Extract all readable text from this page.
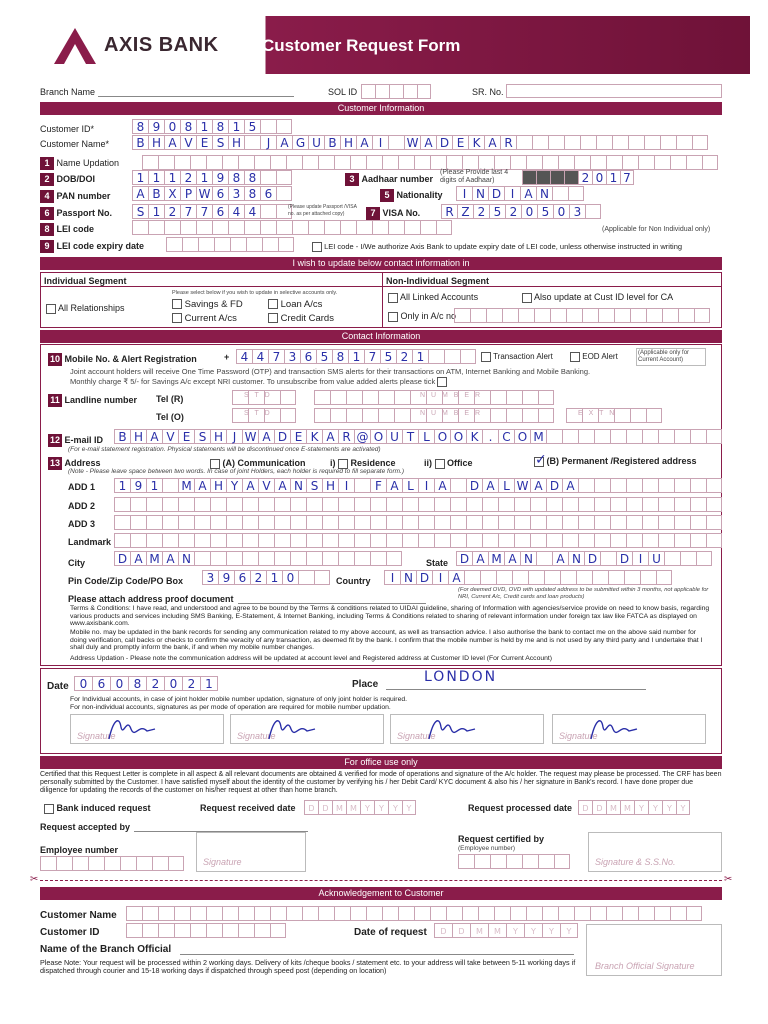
AXIS BANK	Customer Request Form
Branch Name	SOL ID	SR. No.
Customer Information
Customer ID*	8 9 0 8 1 8 1 5
Customer Name*	B H A V E S H	J A G U B H A I	W A D E K A R
1 Name Updation
2 DOB/DOI	1 1 1 2 1 9 8 8	3 Aadhaar number
(Please Provide last 4 digits of Aadhaar)	2 0 1 7
4 PAN number	A B X P W 6 3 8 6	5 Nationality	I N D I A N
6 Passport No.	S 1 2 7 7 6 4 4	(Please update Passport /VISA no. as per attached copy)	7 VISA No.	R Z 2 5 2 0 5 0 3
8 LEI code	(Applicable for Non Individual only)
9 LEI code expiry date	LEI code - I/We authorize Axis Bank to update expiry date of LEI code, unless otherwise instructed in writing
I wish to update below contact information in
Individual Segment
All Relationships
Please select below if you wish to update in selective accounts only.
Savings & FD	Loan A/cs
Current A/cs	Credit Cards
Non-Individual Segment
All Linked Accounts	Also update at Cust ID level for CA
Only in A/c no
Contact Information
10 Mobile No. & Alert Registration	+ 4 4 7 3 6 5 8 1 7 5 2 1	Transaction Alert	EOD Alert	(Applicable only for Current Account)
Joint account holders will receive One Time Password (OTP) and transaction SMS alerts for their transactions on ATM, Internet Banking and Mobile Banking.
Monthly charge ₹ 5/- for Savings A/c except NRI customer. To unsubscribe from value added alerts please tick
11 Landline number Tel (R)	S T D	N U M B E R
Tel (O)	S T D	N U M B E R	E X T N
12 E-mail ID	B H A V E S H J W A D E K A R @ O U T L O O K . C O M
(For e-mail statement registration. Physical statements will be discontinued once E-statements are activated)
13 Address	(A) Communication	i) Residence	ii) Office	✓ (B) Permanent /Registered address
(Note - Please leave space between two words. In case of joint Holders, each holder is required to fill separate form.)
ADD 1	1 9 1	M A H Y A V A N S H I	F A L I A	D A L W A D A
ADD 2
ADD 3
Landmark
City	D A M A N	State D A M A N	A N D	D I U
Pin Code/Zip Code/PO Box	3 9 6 2 1 0	Country	I N D I A
Please attach address proof document
(For deemed OVD, OVD with updated address to be submitted within 3 months, not applicable for NRI, Current A/c, Credit cards and loan products)
Terms & Conditions: I have read, and understood and agree to be bound by the Terms & conditions related to UIDAI guideline, sharing of Information with agencies/service provide on need to know basis, regarding various products and services including SMS Banking, E-Statement, & Internet Banking, including Terms & Conditions related to sharing of relevant information under foreign tax law like FATCA as displayed on www.axisbank.com.
Mobile no. may be updated in the bank records for sending any communication related to my above account, as well as transaction advice. I also authorise the bank to contact me on the above said number for doing verification, call backs or checks to confirm the veracity of any transaction, as deemed fit by the bank. I confirm that the mobile number is held by me and is not used by any third party and I undertake that I shall duly and promptly inform the bank, if and when my mobile number changes.
Address Updation - Please note the communication address will be updated at account level and Registered address at Customer ID level (For Current Account)
Date 0 6 0 8 2 0 2 1	Place	LONDON
For Individual accounts, in case of joint holder mobile number updation, signature of only joint holder is required.
For non-individual accounts, signatures as per mode of operation are required for mobile number updation.
Signature	Signature	Signature	Signature
For office use only
Certified that this Request Letter is complete in all aspect & all relevant documents are obtained & verified for mode of operations and signature of the A/c holder. The request may please be processed. The CRF has been personally submitted by the Customer. I have satisfied myself about the identity of the customer by verifying his / her Debit Card/ KYC document & also his / her signature in Bank's record. I have done proper due diligence for updating the records of the customer on his/her request at other than home branch.
Bank induced request	Request received date	D D M M	Y	Y	Y	Y	Request processed date	D D M M	Y	Y	Y	Y
Request accepted by
Employee number
Signature
Request certified by
(Employee number)
Signature & S.S.No.
✂	✂
Acknowledgement to Customer
Customer Name
Customer ID	Date of request	D	D	M	M	Y	Y	Y	Y
Name of the Branch Official
Please Note: Your request will be processed within 2 working days. Delivery of kits /cheque books / statement etc. to your address will take between 5-11 working days if dispatched through courier and 15-18 working days if dispatched through speed post (depending on location)	Branch Official Signature
